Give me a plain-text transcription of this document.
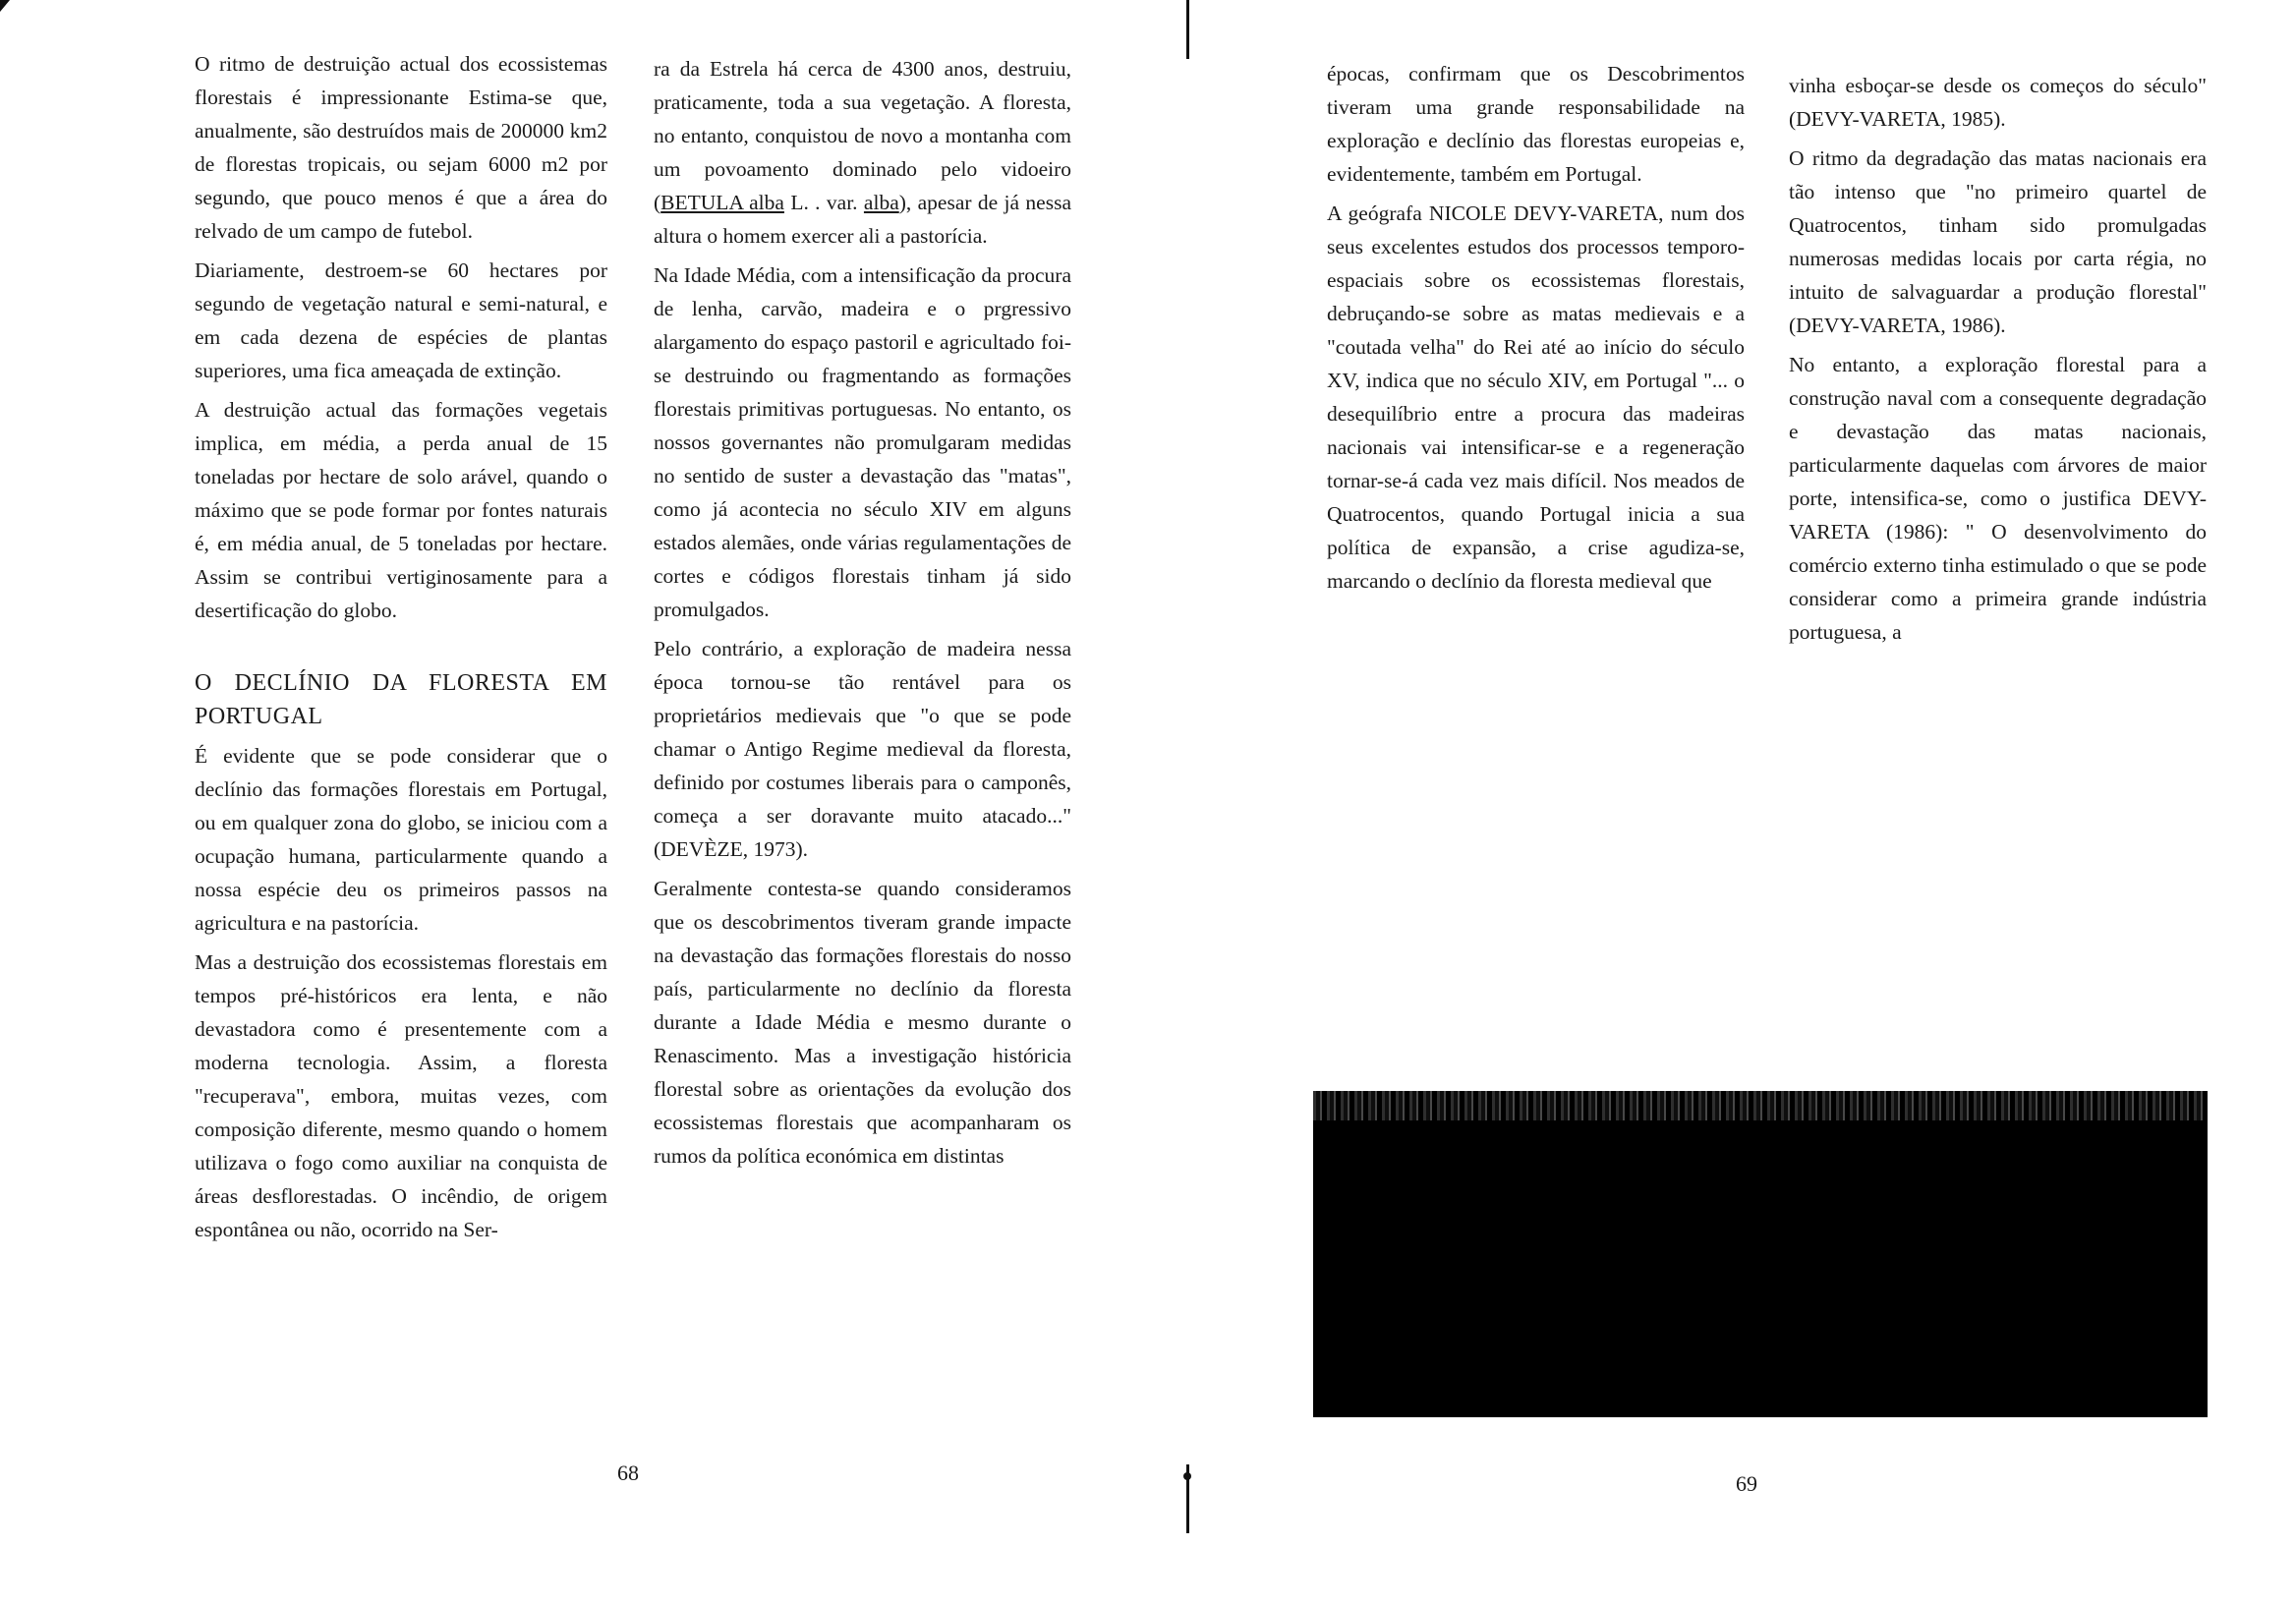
O ritmo de destruição actual dos ecossistemas florestais é impressionante Estima-se que, anualmente, são destruídos mais de 200000 km2 de florestas tropicais, ou sejam 6000 m2 por segundo, que pouco menos é que a área do relvado de um campo de futebol.

Diariamente, destroem-se 60 hectares por segundo de vegetação natural e semi-natural, e em cada dezena de espécies de plantas superiores, uma fica ameaçada de extinção.

A destruição actual das formações vegetais implica, em média, a perda anual de 15 toneladas por hectare de solo arável, quando o máximo que se pode formar por fontes naturais é, em média anual, de 5 toneladas por hectare. Assim se contribui vertiginosamente para a desertificação do globo.

O DECLÍNIO DA FLORESTA EM PORTUGAL

É evidente que se pode considerar que o declínio das formações florestais em Portugal, ou em qualquer zona do globo, se iniciou com a ocupação humana, particularmente quando a nossa espécie deu os primeiros passos na agricultura e na pastorícia.

Mas a destruição dos ecossistemas florestais em tempos pré-históricos era lenta, e não devastadora como é presentemente com a moderna tecnologia. Assim, a floresta "recuperava", embora, muitas vezes, com composição diferente, mesmo quando o homem utilizava o fogo como auxiliar na conquista de áreas desflorestadas. O incêndio, de origem espontânea ou não, ocorrido na Ser-

ra da Estrela há cerca de 4300 anos, destruiu, praticamente, toda a sua vegetação. A floresta, no entanto, conquistou de novo a montanha com um povoamento dominado pelo vidoeiro (BETULA alba L. . var. alba), apesar de já nessa altura o homem exercer ali a pastorícia.

Na Idade Média, com a intensificação da procura de lenha, carvão, madeira e o prgressivo alargamento do espaço pastoril e agricultado foi-se destruindo ou fragmentando as formações florestais primitivas portuguesas. No entanto, os nossos governantes não promulgaram medidas no sentido de suster a devastação das "matas", como já acontecia no século XIV em alguns estados alemães, onde várias regulamentações de cortes e códigos florestais tinham já sido promulgados.

Pelo contrário, a exploração de madeira nessa época tornou-se tão rentável para os proprietários medievais que "o que se pode chamar o Antigo Regime medieval da floresta, definido por costumes liberais para o camponês, começa a ser doravante muito atacado..." (DEVÈZE, 1973).

Geralmente contesta-se quando consideramos que os descobrimentos tiveram grande impacte na devastação das formações florestais do nosso país, particularmente no declínio da floresta durante a Idade Média e mesmo durante o Renascimento. Mas a investigação históricia florestal sobre as orientações da evolução dos ecossistemas florestais que acompanharam os rumos da política económica em distintas

68

épocas, confirmam que os Descobrimentos tiveram uma grande responsabilidade na exploração e declínio das florestas europeias e, evidentemente, também em Portugal.

A geógrafa NICOLE DEVY-VARETA, num dos seus excelentes estudos dos processos temporo-espaciais sobre os ecossistemas florestais, debruçando-se sobre as matas medievais e a "coutada velha" do Rei até ao início do século XV, indica que no século XIV, em Portugal "... o desequilíbrio entre a procura das madeiras nacionais vai intensificar-se e a regeneração tornar-se-á cada vez mais difícil. Nos meados de Quatrocentos, quando Portugal inicia a sua política de expansão, a crise agudiza-se, marcando o declínio da floresta medieval que

vinha esboçar-se desde os começos do século" (DEVY-VARETA, 1985).

O ritmo da degradação das matas nacionais era tão intenso que "no primeiro quartel de Quatrocentos, tinham sido promulgadas numerosas medidas locais por carta régia, no intuito de salvaguardar a produção florestal" (DEVY-VARETA, 1986).

No entanto, a exploração florestal para a construção naval com a consequente degradação e devastação das matas nacionais, particularmente daquelas com árvores de maior porte, intensifica-se, como o justifica DEVY-VARETA (1986): " O desenvolvimento do comércio externo tinha estimulado o que se pode considerar como a primeira grande indústria portuguesa, a

69
